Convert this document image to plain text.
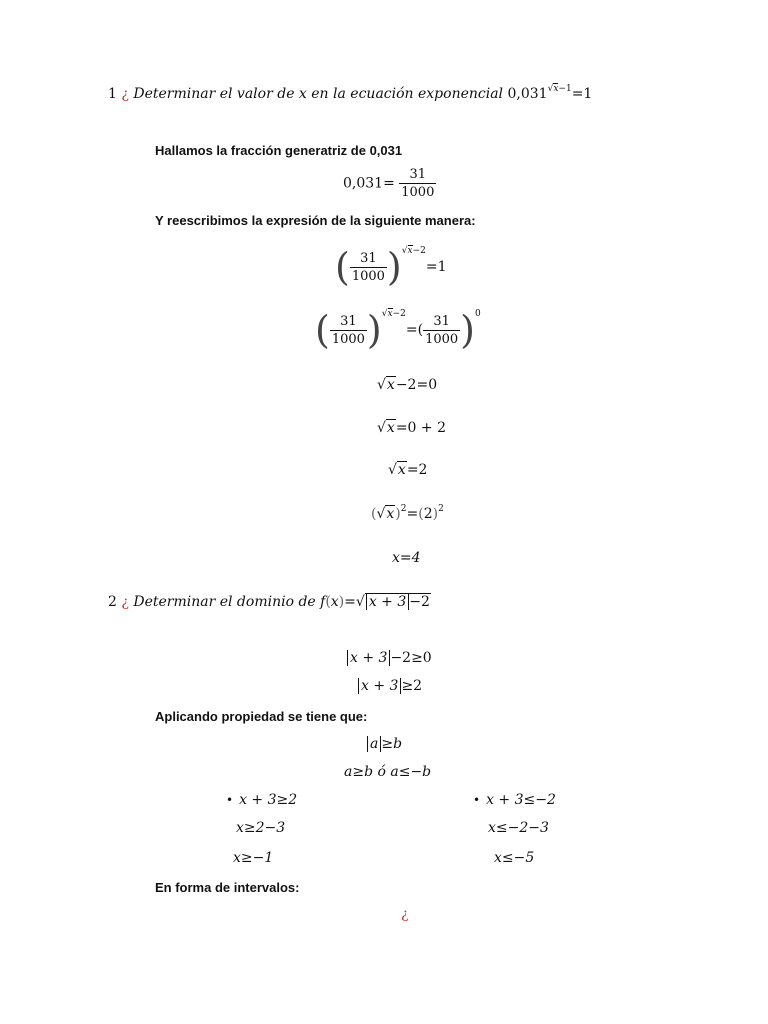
1 ¿ Determinar el valor de x en la ecuación exponencial $0,031^{√x-1}=1$
Hallamos la fracción generatriz de 0,031
$0,031= \frac{31}{1000}$
Y reescribimos la expresión de la siguiente manera:
( $\frac{31}{1000} )^{√x-2}=1$
( $\frac{31}{1000} )^{√x-2}=( \frac{31}{1000} )^0$
√x−2=0
√x=0 + 2
√x=2
$(√x)^2=(2)^2$
x=4
2 ¿ Determinar el dominio de f(x)=√ x + 3 −2
x + 3 −2≥0
x + 3 ≥2
Aplicando propiedad se tiene que:
a ≥b
a≥b ó a≤−b
• x + 3≥2
x≥2−3
x≥−1
• x + 3≤−2
x≤−2−3
x≤−5
En forma de intervalos:
¿
